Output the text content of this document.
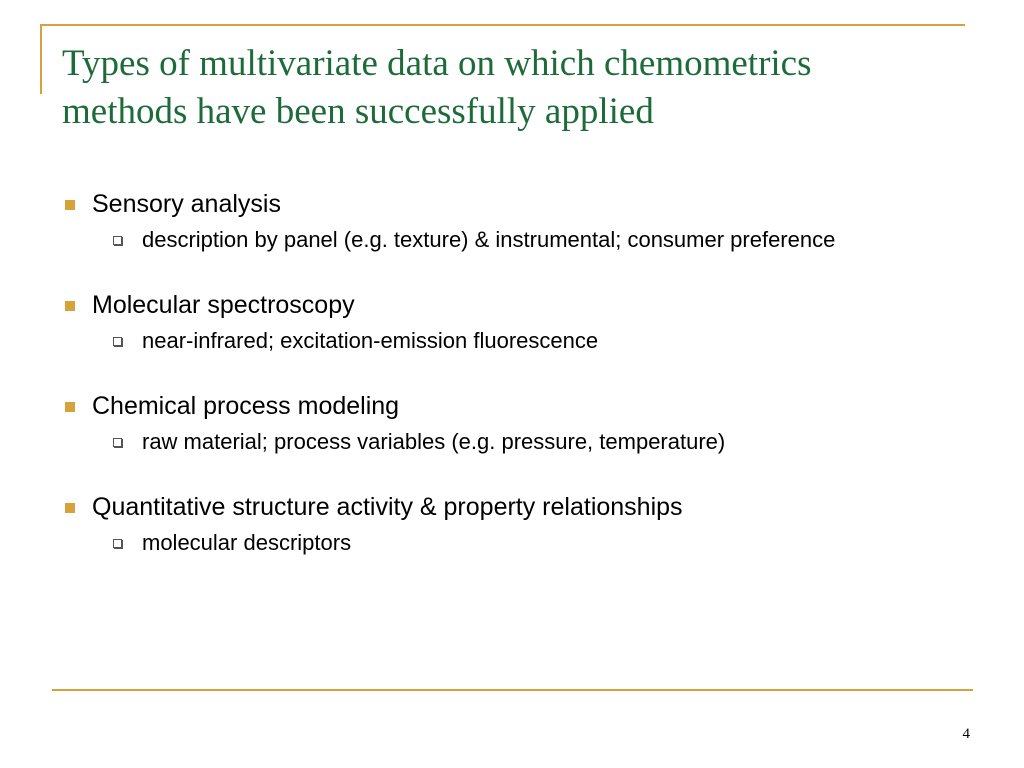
Types of multivariate data on which chemometrics
methods have been successfully applied
Sensory analysis
description by panel (e.g. texture) & instrumental; consumer preference
Molecular spectroscopy
near-infrared; excitation-emission fluorescence
Chemical process modeling
raw material; process variables (e.g. pressure, temperature)
Quantitative structure activity & property relationships
molecular descriptors
4
